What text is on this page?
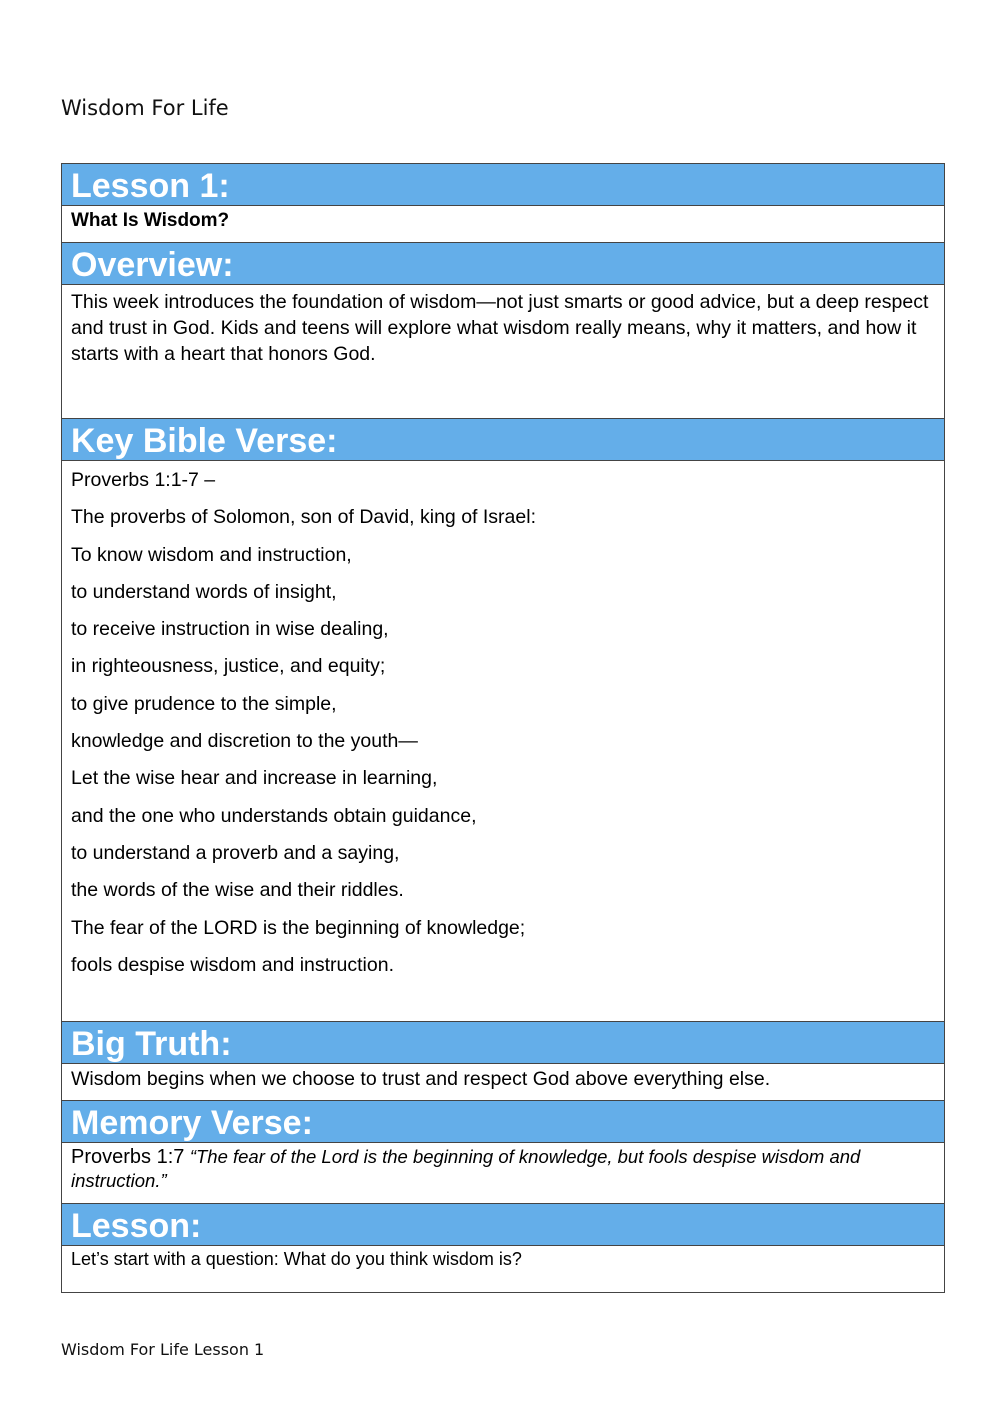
Wisdom For Life
Lesson 1:
What Is Wisdom?
Overview:
This week introduces the foundation of wisdom—not just smarts or good advice, but a deep respect and trust in God. Kids and teens will explore what wisdom really means, why it matters, and how it starts with a heart that honors God.
Key Bible Verse:
Proverbs 1:1-7 –
The proverbs of Solomon, son of David, king of Israel:
To know wisdom and instruction,
to understand words of insight,
to receive instruction in wise dealing,
in righteousness, justice, and equity;
to give prudence to the simple,
knowledge and discretion to the youth—
Let the wise hear and increase in learning,
and the one who understands obtain guidance,
to understand a proverb and a saying,
the words of the wise and their riddles.
The fear of the LORD is the beginning of knowledge;
fools despise wisdom and instruction.
Big Truth:
Wisdom begins when we choose to trust and respect God above everything else.
Memory Verse:
Proverbs 1:7 “The fear of the Lord is the beginning of knowledge, but fools despise wisdom and instruction.”
Lesson:
Let’s start with a question: What do you think wisdom is?
Wisdom For Life Lesson 1
